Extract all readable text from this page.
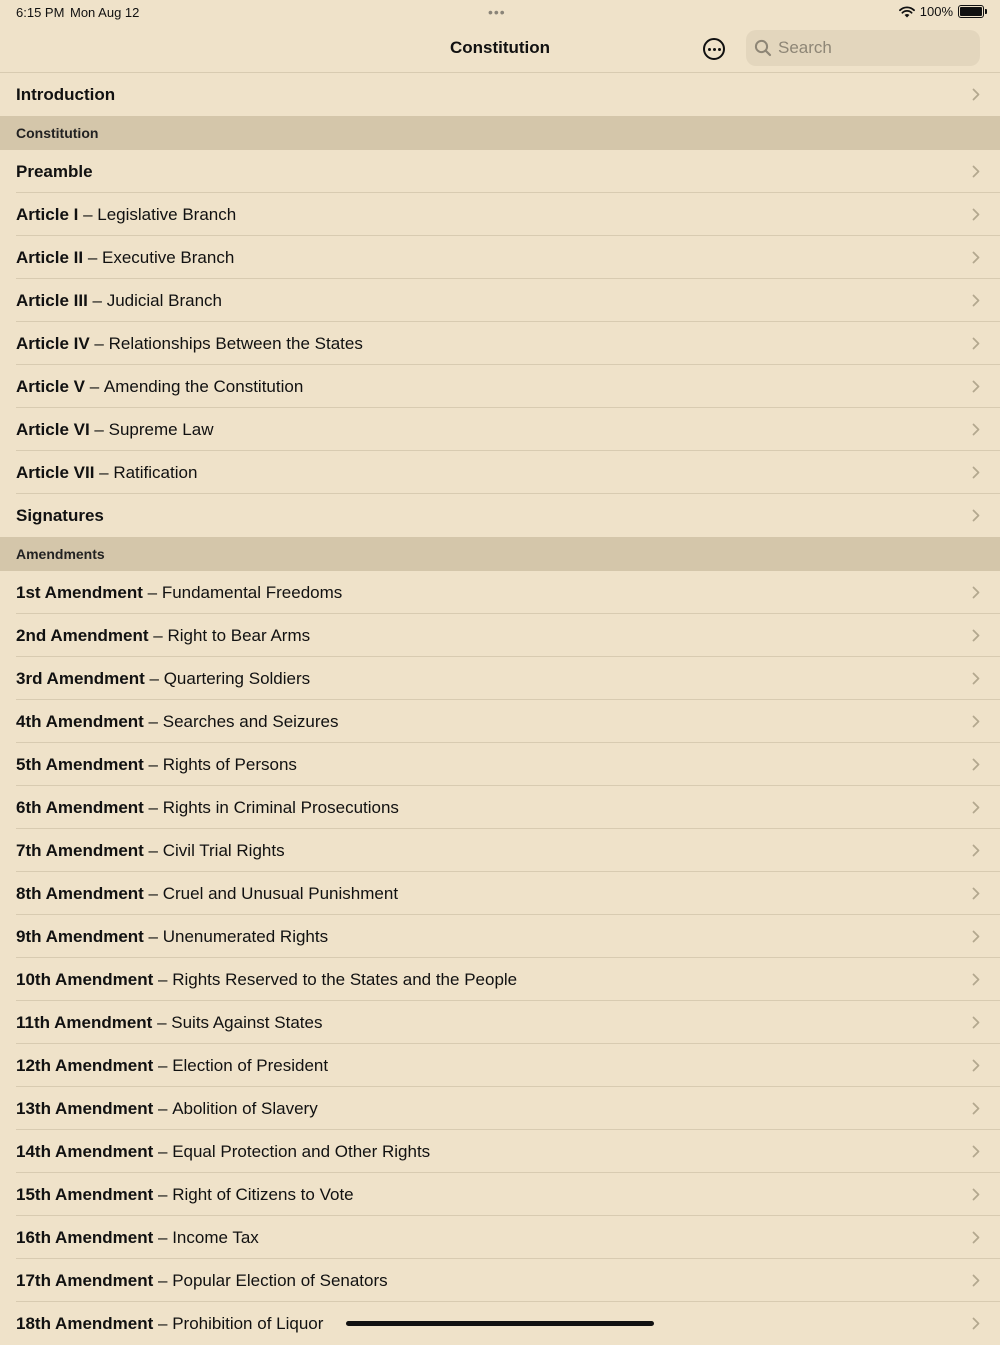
6:15 PM Mon Aug 12	•••	100%
Constitution
Search
Introduction
Constitution
Preamble
Article I – Legislative Branch
Article II – Executive Branch
Article III – Judicial Branch
Article IV – Relationships Between the States
Article V – Amending the Constitution
Article VI – Supreme Law
Article VII – Ratification
Signatures
Amendments
1st Amendment – Fundamental Freedoms
2nd Amendment – Right to Bear Arms
3rd Amendment – Quartering Soldiers
4th Amendment – Searches and Seizures
5th Amendment – Rights of Persons
6th Amendment – Rights in Criminal Prosecutions
7th Amendment – Civil Trial Rights
8th Amendment – Cruel and Unusual Punishment
9th Amendment – Unenumerated Rights
10th Amendment – Rights Reserved to the States and the People
11th Amendment – Suits Against States
12th Amendment – Election of President
13th Amendment – Abolition of Slavery
14th Amendment – Equal Protection and Other Rights
15th Amendment – Right of Citizens to Vote
16th Amendment – Income Tax
17th Amendment – Popular Election of Senators
18th Amendment – Prohibition of Liquor
